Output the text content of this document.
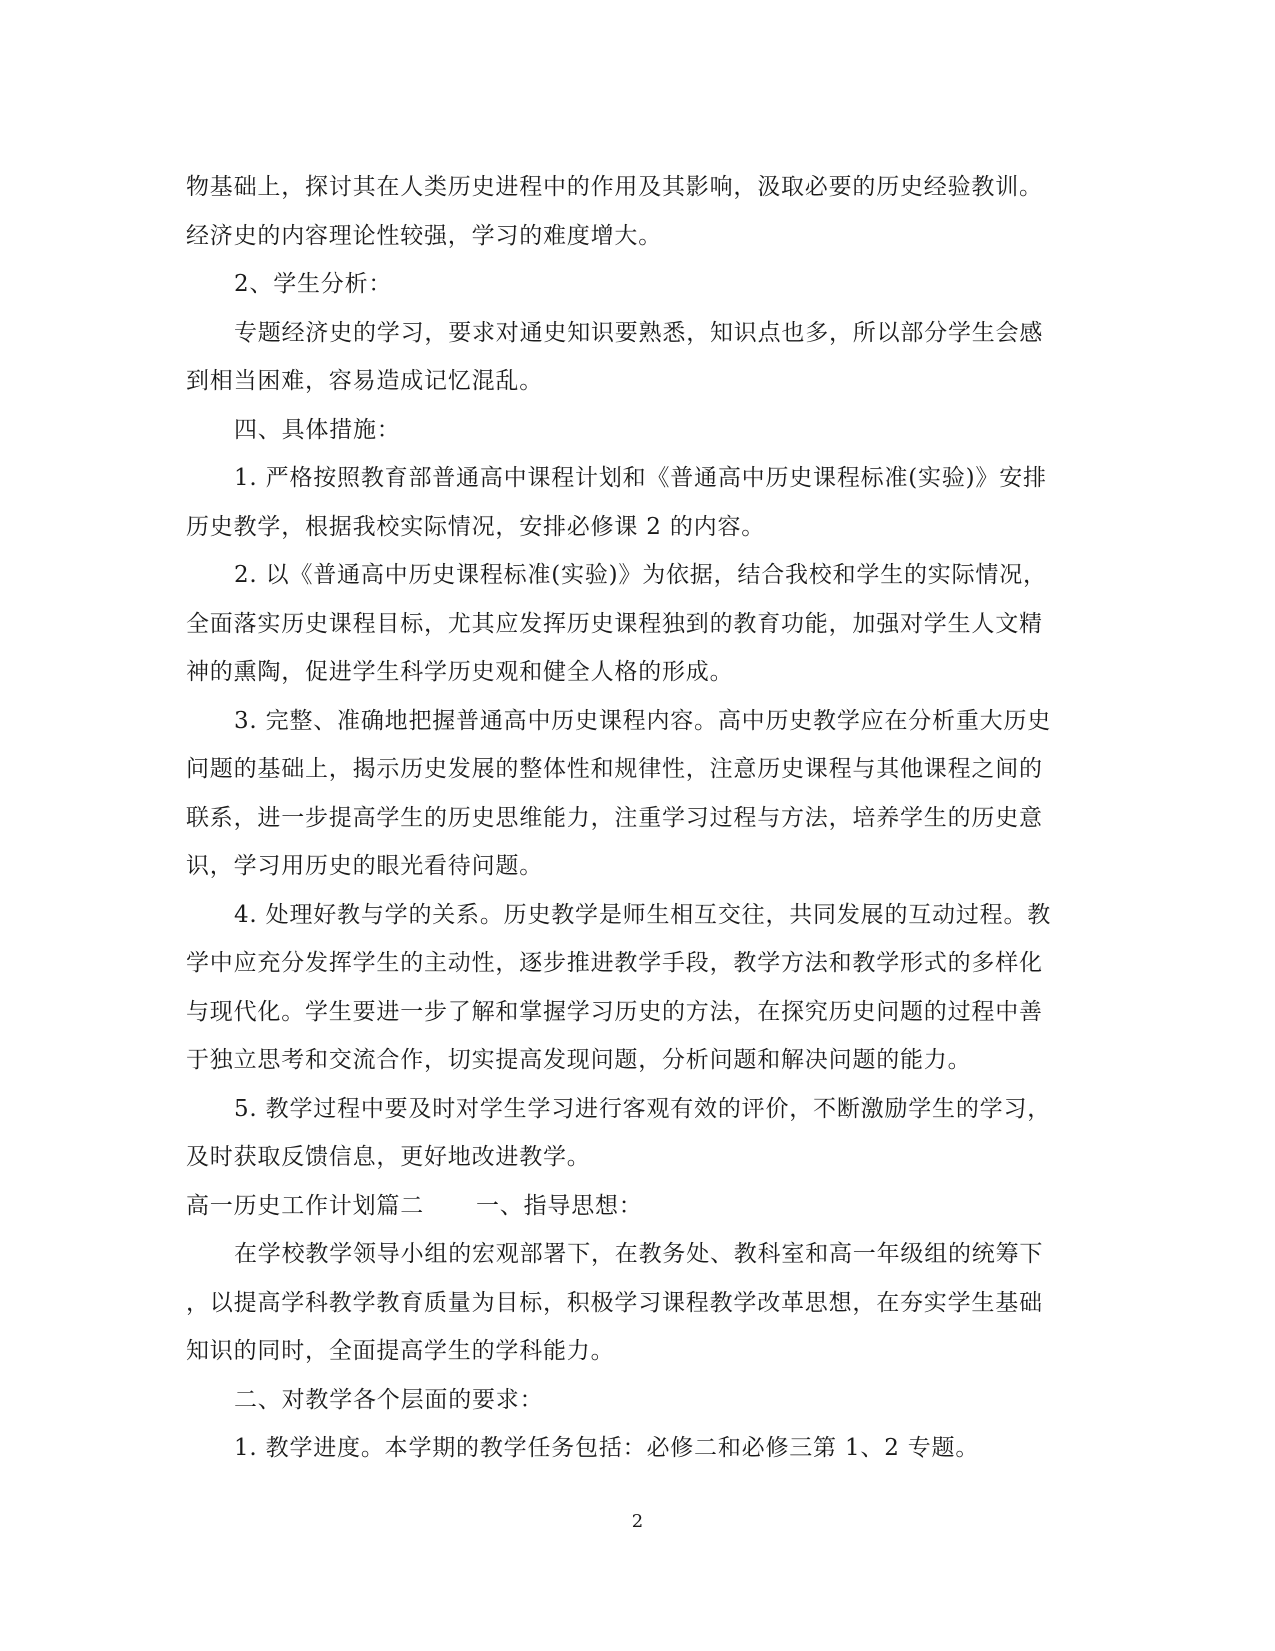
物基础上，探讨其在人类历史进程中的作用及其影响，汲取必要的历史经验教训。
经济史的内容理论性较强，学习的难度增大。
2、学生分析：
专题经济史的学习，要求对通史知识要熟悉，知识点也多，所以部分学生会感
到相当困难，容易造成记忆混乱。
四、具体措施：
1. 严格按照教育部普通高中课程计划和《普通高中历史课程标准(实验)》安排
历史教学，根据我校实际情况，安排必修课 2 的内容。
2. 以《普通高中历史课程标准(实验)》为依据，结合我校和学生的实际情况，
全面落实历史课程目标，尤其应发挥历史课程独到的教育功能，加强对学生人文精
神的熏陶，促进学生科学历史观和健全人格的形成。
3. 完整、准确地把握普通高中历史课程内容。高中历史教学应在分析重大历史
问题的基础上，揭示历史发展的整体性和规律性，注意历史课程与其他课程之间的
联系，进一步提高学生的历史思维能力，注重学习过程与方法，培养学生的历史意
识，学习用历史的眼光看待问题。
4. 处理好教与学的关系。历史教学是师生相互交往，共同发展的互动过程。教
学中应充分发挥学生的主动性，逐步推进教学手段，教学方法和教学形式的多样化
与现代化。学生要进一步了解和掌握学习历史的方法，在探究历史问题的过程中善
于独立思考和交流合作，切实提高发现问题，分析问题和解决问题的能力。
5. 教学过程中要及时对学生学习进行客观有效的评价，不断激励学生的学习，
及时获取反馈信息，更好地改进教学。
高一历史工作计划篇二 一、指导思想：
在学校教学领导小组的宏观部署下，在教务处、教科室和高一年级组的统筹下
，以提高学科教学教育质量为目标，积极学习课程教学改革思想，在夯实学生基础
知识的同时，全面提高学生的学科能力。
二、对教学各个层面的要求：
1. 教学进度。本学期的教学任务包括：必修二和必修三第 1、2 专题。
2
